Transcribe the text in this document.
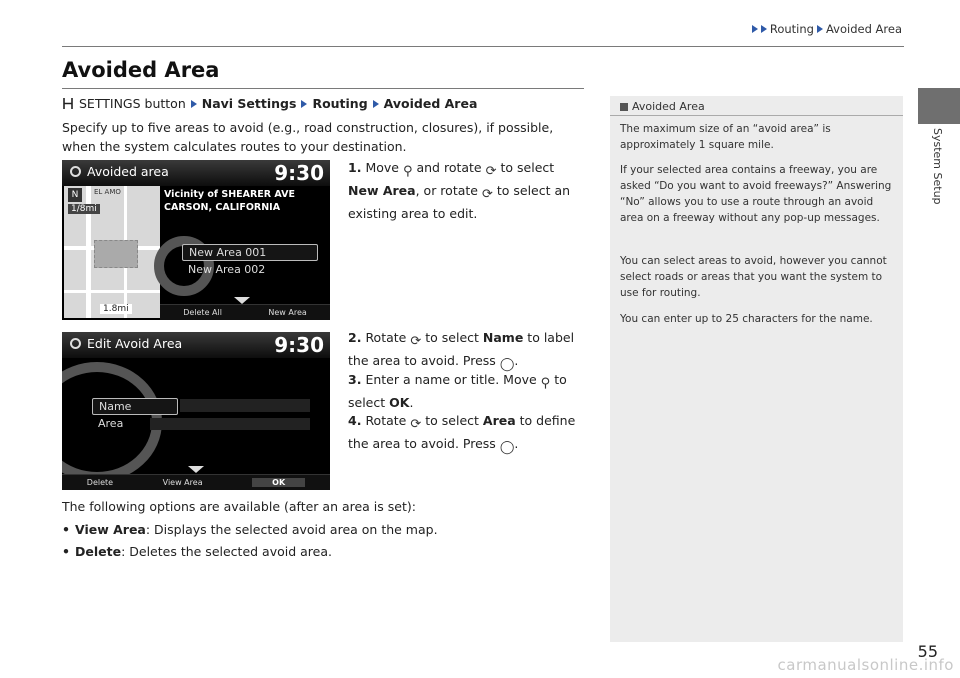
Routing Avoided Area
System Setup
Avoided Area
SETTINGS button Navi Settings Routing Avoided Area
Specify up to five areas to avoid (e.g., road construction, closures), if possible, when the system calculates routes to your destination.
Avoided area	9:30
N
1/8mi
EL AMO
1.8mi
Vicinity of SHEARER AVE
CARSON, CALIFORNIA
New Area 001
New Area 002
Delete All	New Area
1. Move ⚲ and rotate ⟳ to select New Area, or rotate ⟳ to select an existing area to edit.
Edit Avoid Area	9:30
Name
Area
Delete	View Area	OK
2. Rotate ⟳ to select Name to label the area to avoid. Press ◯.
3. Enter a name or title. Move ⚲ to select OK.
4. Rotate ⟳ to select Area to define the area to avoid. Press ◯.
The following options are available (after an area is set):
• View Area: Displays the selected avoid area on the map.
• Delete: Deletes the selected avoid area.
Avoided Area
The maximum size of an “avoid area” is approximately 1 square mile.
If your selected area contains a freeway, you are asked “Do you want to avoid freeways?” Answering “No” allows you to use a route through an avoid area on a freeway without any pop-up messages.
You can select areas to avoid, however you cannot select roads or areas that you want the system to use for routing.
You can enter up to 25 characters for the name.
55
carmanualsonline.info
